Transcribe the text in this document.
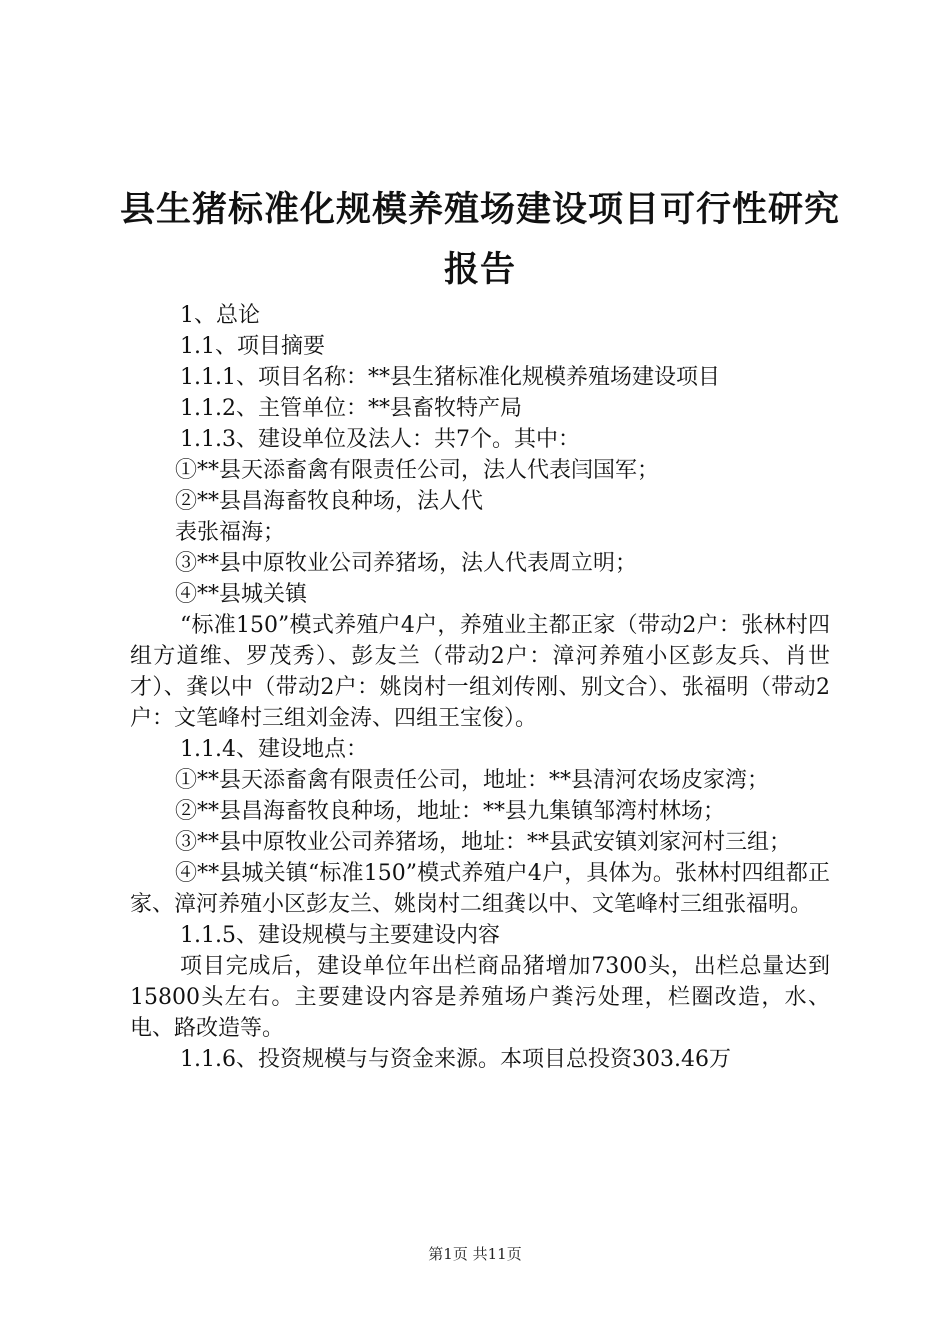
县生猪标准化规模养殖场建设项目可行性研究
报告

1、总论

1.1、项目摘要

1.1.1、项目名称：**县生猪标准化规模养殖场建设项目

1.1.2、主管单位：**县畜牧特产局

1.1.3、建设单位及法人：共7个。其中：

①**县天添畜禽有限责任公司，法人代表闫国军；

②**县昌海畜牧良种场，法人代

表张福海；

③**县中原牧业公司养猪场，法人代表周立明；

④**县城关镇

“标准150”模式养殖户4户，养殖业主都正家（带动2户：张林村四组方道维、罗茂秀）、彭友兰（带动2户：漳河养殖小区彭友兵、肖世才）、龚以中（带动2户：姚岗村一组刘传刚、别文合）、张福明（带动2户：文笔峰村三组刘金涛、四组王宝俊）。

1.1.4、建设地点：

①**县天添畜禽有限责任公司，地址：**县清河农场皮家湾；

②**县昌海畜牧良种场，地址：**县九集镇邹湾村林场；

③**县中原牧业公司养猪场，地址：**县武安镇刘家河村三组；

④**县城关镇“标准150”模式养殖户4户，具体为。张林村四组都正家、漳河养殖小区彭友兰、姚岗村二组龚以中、文笔峰村三组张福明。

1.1.5、建设规模与主要建设内容

项目完成后，建设单位年出栏商品猪增加7300头，出栏总量达到15800头左右。主要建设内容是养殖场户粪污处理，栏圈改造，水、电、路改造等。

1.1.6、投资规模与与资金来源。本项目总投资303.46万

第1页 共11页
